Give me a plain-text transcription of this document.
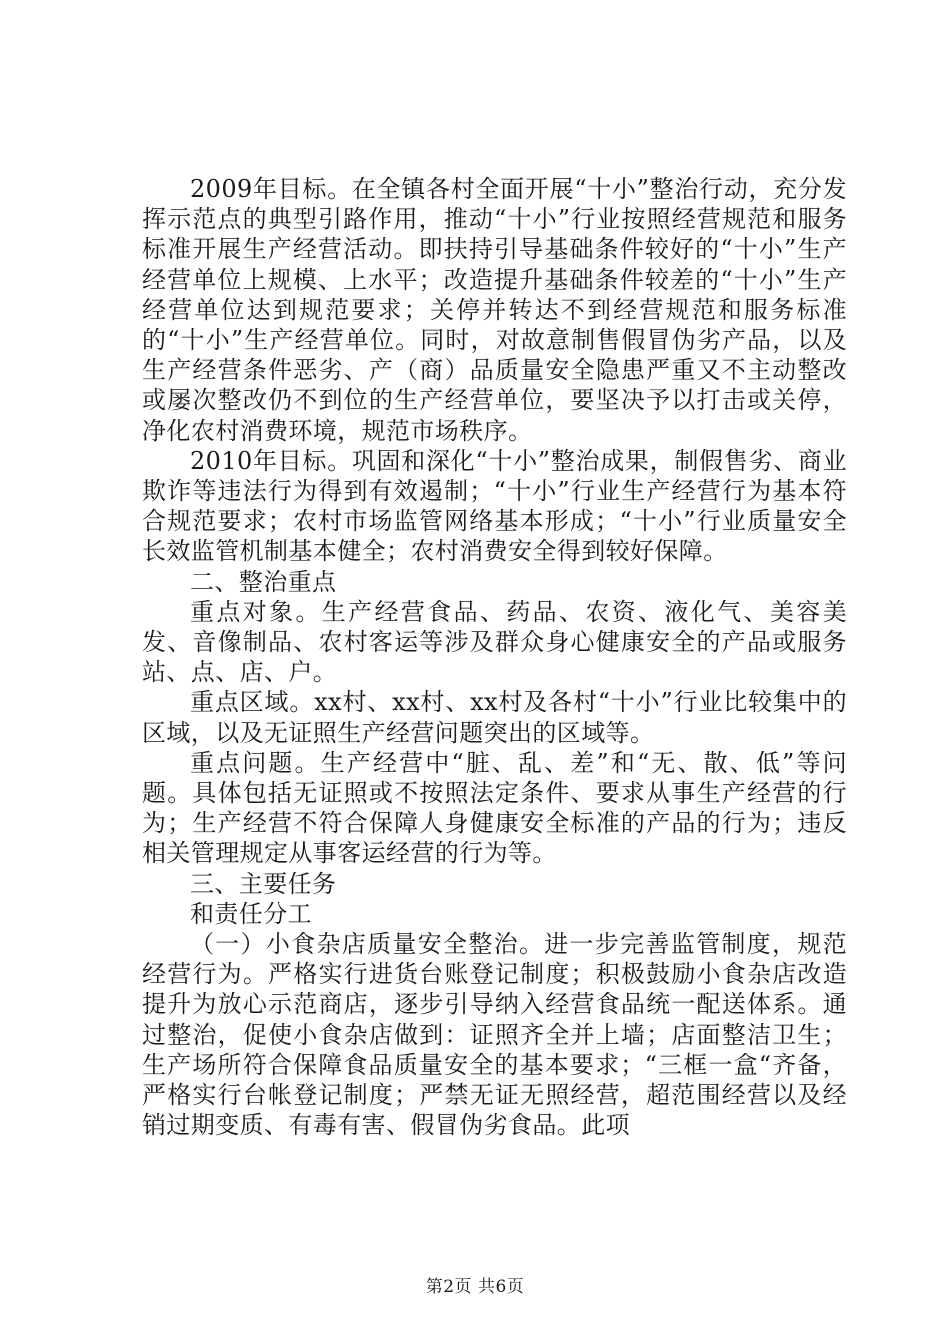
2009年目标。在全镇各村全面开展“十小”整治行动，充分发挥示范点的典型引路作用，推动“十小”行业按照经营规范和服务标准开展生产经营活动。即扶持引导基础条件较好的“十小”生产经营单位上规模、上水平；改造提升基础条件较差的“十小”生产经营单位达到规范要求；关停并转达不到经营规范和服务标准的“十小”生产经营单位。同时，对故意制售假冒伪劣产品，以及生产经营条件恶劣、产（商）品质量安全隐患严重又不主动整改或屡次整改仍不到位的生产经营单位，要坚决予以打击或关停，净化农村消费环境，规范市场秩序。

2010年目标。巩固和深化“十小”整治成果，制假售劣、商业欺诈等违法行为得到有效遏制；“十小”行业生产经营行为基本符合规范要求；农村市场监管网络基本形成；“十小”行业质量安全长效监管机制基本健全；农村消费安全得到较好保障。

二、整治重点

重点对象。生产经营食品、药品、农资、液化气、美容美发、音像制品、农村客运等涉及群众身心健康安全的产品或服务站、点、店、户。

重点区域。xx村、xx村、xx村及各村“十小”行业比较集中的区域，以及无证照生产经营问题突出的区域等。

重点问题。生产经营中“脏、乱、差”和“无、散、低”等问题。具体包括无证照或不按照法定条件、要求从事生产经营的行为；生产经营不符合保障人身健康安全标准的产品的行为；违反相关管理规定从事客运经营的行为等。

三、主要任务

和责任分工

（一）小食杂店质量安全整治。进一步完善监管制度，规范经营行为。严格实行进货台账登记制度；积极鼓励小食杂店改造提升为放心示范商店，逐步引导纳入经营食品统一配送体系。通过整治，促使小食杂店做到：证照齐全并上墙；店面整洁卫生；生产场所符合保障食品质量安全的基本要求；“三框一盒“齐备，严格实行台帐登记制度；严禁无证无照经营，超范围经营以及经销过期变质、有毒有害、假冒伪劣食品。此项

第2页 共6页
